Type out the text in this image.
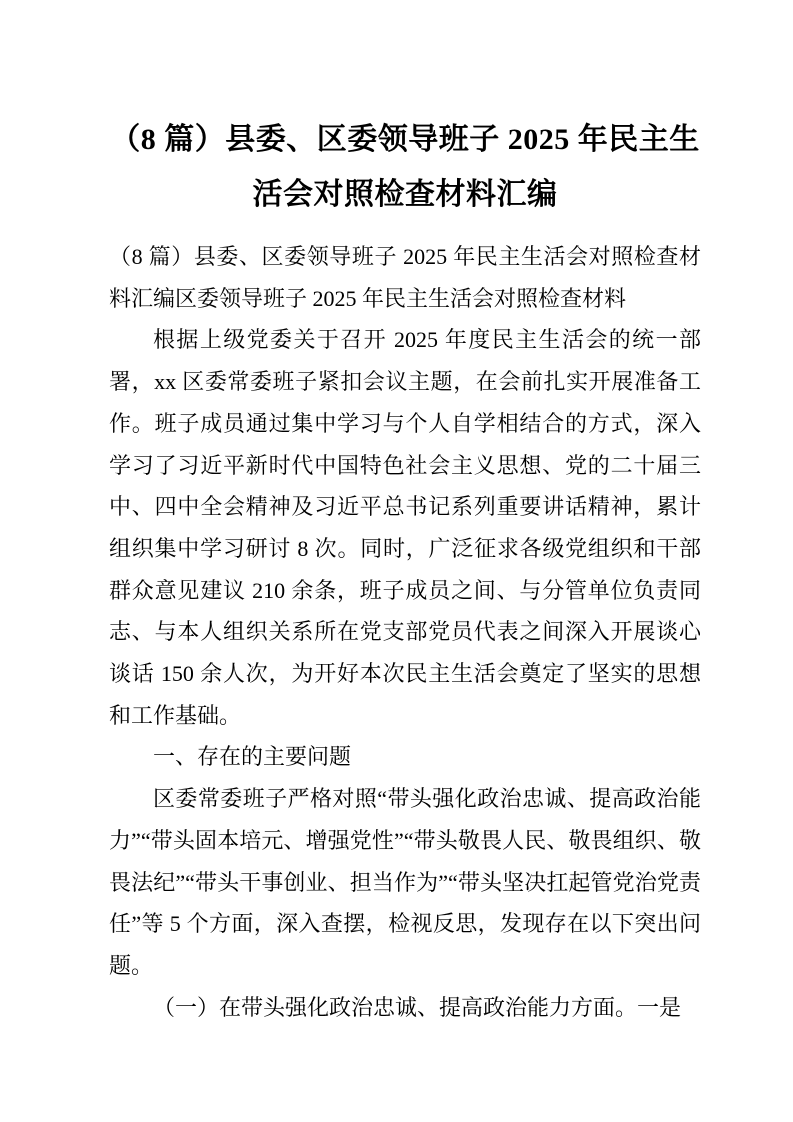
（8 篇）县委、区委领导班子 2025 年民主生活会对照检查材料汇编

（8 篇）县委、区委领导班子 2025 年民主生活会对照检查材料汇编区委领导班子 2025 年民主生活会对照检查材料

根据上级党委关于召开 2025 年度民主生活会的统一部署，xx 区委常委班子紧扣会议主题，在会前扎实开展准备工作。班子成员通过集中学习与个人自学相结合的方式，深入学习了习近平新时代中国特色社会主义思想、党的二十届三中、四中全会精神及习近平总书记系列重要讲话精神，累计组织集中学习研讨 8 次。同时，广泛征求各级党组织和干部群众意见建议 210 余条，班子成员之间、与分管单位负责同志、与本人组织关系所在党支部党员代表之间深入开展谈心谈话 150 余人次，为开好本次民主生活会奠定了坚实的思想和工作基础。

一、存在的主要问题

区委常委班子严格对照“带头强化政治忠诚、提高政治能力”“带头固本培元、增强党性”“带头敬畏人民、敬畏组织、敬畏法纪”“带头干事创业、担当作为”“带头坚决扛起管党治党责任”等 5 个方面，深入查摆，检视反思，发现存在以下突出问题。

（一）在带头强化政治忠诚、提高政治能力方面。一是
